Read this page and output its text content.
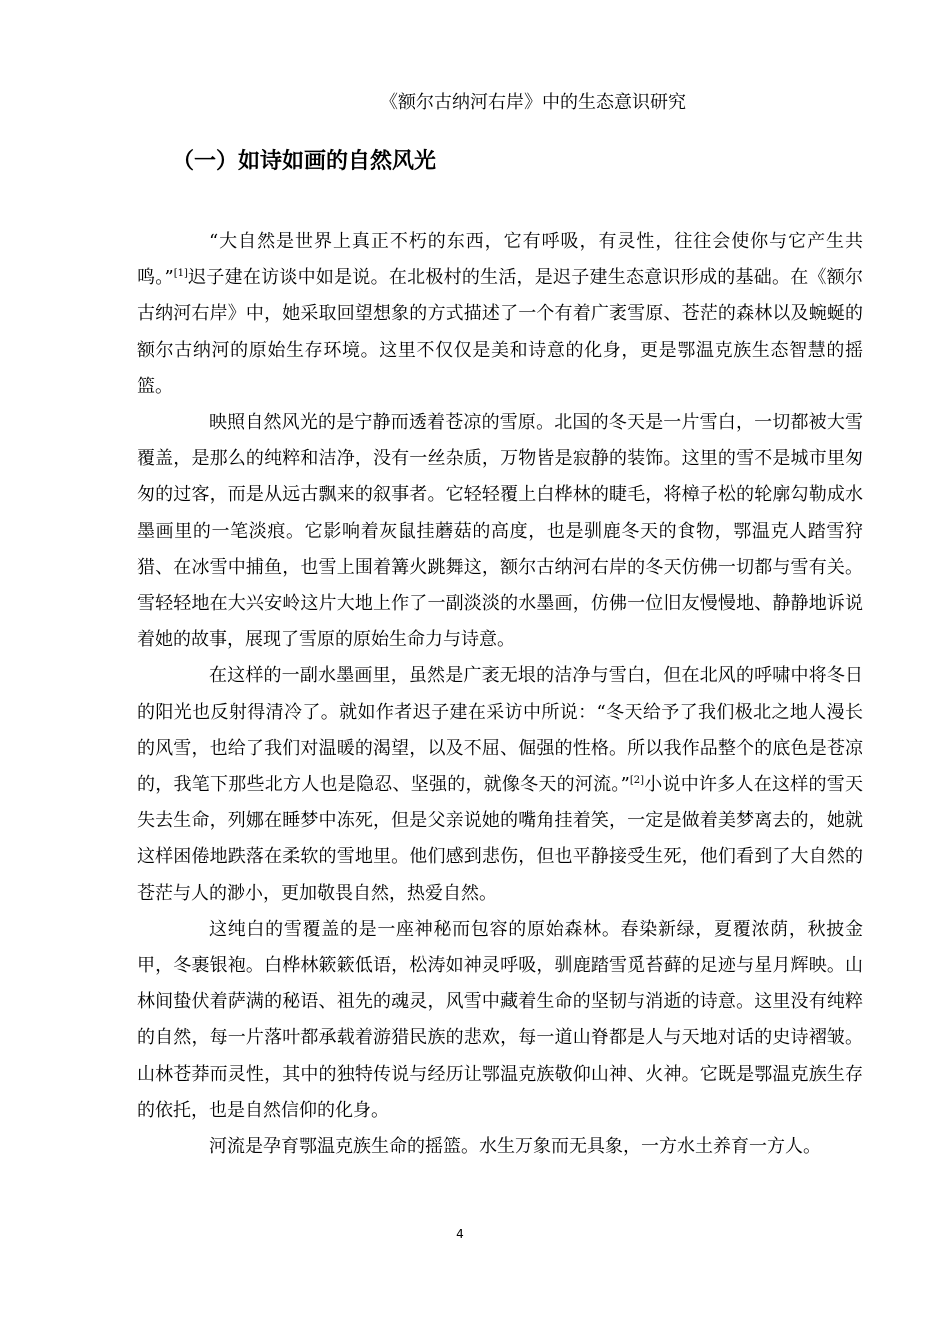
《额尔古纳河右岸》中的生态意识研究
（一）如诗如画的自然风光

“大自然是世界上真正不朽的东西，它有呼吸，有灵性，往往会使你与它产生共鸣。”[1]迟子建在访谈中如是说。在北极村的生活，是迟子建生态意识形成的基础。在《额尔古纳河右岸》中，她采取回望想象的方式描述了一个有着广袤雪原、苍茫的森林以及蜿蜒的额尔古纳河的原始生存环境。这里不仅仅是美和诗意的化身，更是鄂温克族生态智慧的摇篮。

映照自然风光的是宁静而透着苍凉的雪原。北国的冬天是一片雪白，一切都被大雪覆盖，是那么的纯粹和洁净，没有一丝杂质，万物皆是寂静的装饰。这里的雪不是城市里匆匆的过客，而是从远古飘来的叙事者。它轻轻覆上白桦林的睫毛，将樟子松的轮廓勾勒成水墨画里的一笔淡痕。它影响着灰鼠挂蘑菇的高度，也是驯鹿冬天的食物，鄂温克人踏雪狩猎、在冰雪中捕鱼，也雪上围着篝火跳舞这，额尔古纳河右岸的冬天仿佛一切都与雪有关。雪轻轻地在大兴安岭这片大地上作了一副淡淡的水墨画，仿佛一位旧友慢慢地、静静地诉说着她的故事，展现了雪原的原始生命力与诗意。

在这样的一副水墨画里，虽然是广袤无垠的洁净与雪白，但在北风的呼啸中将冬日的阳光也反射得清冷了。就如作者迟子建在采访中所说：“冬天给予了我们极北之地人漫长的风雪，也给了我们对温暖的渴望，以及不屈、倔强的性格。所以我作品整个的底色是苍凉的，我笔下那些北方人也是隐忍、坚强的，就像冬天的河流。”[2]小说中许多人在这样的雪天失去生命，列娜在睡梦中冻死，但是父亲说她的嘴角挂着笑，一定是做着美梦离去的，她就这样困倦地跌落在柔软的雪地里。他们感到悲伤，但也平静接受生死，他们看到了大自然的苍茫与人的渺小，更加敬畏自然，热爱自然。

这纯白的雪覆盖的是一座神秘而包容的原始森林。春染新绿，夏覆浓荫，秋披金甲，冬裹银袍。白桦林簌簌低语，松涛如神灵呼吸，驯鹿踏雪觅苔藓的足迹与星月辉映。山林间蛰伏着萨满的秘语、祖先的魂灵，风雪中藏着生命的坚韧与消逝的诗意。这里没有纯粹的自然，每一片落叶都承载着游猎民族的悲欢，每一道山脊都是人与天地对话的史诗褶皱。山林苍莽而灵性，其中的独特传说与经历让鄂温克族敬仰山神、火神。它既是鄂温克族生存的依托，也是自然信仰的化身。

河流是孕育鄂温克族生命的摇篮。水生万象而无具象，一方水土养育一方人。

4
